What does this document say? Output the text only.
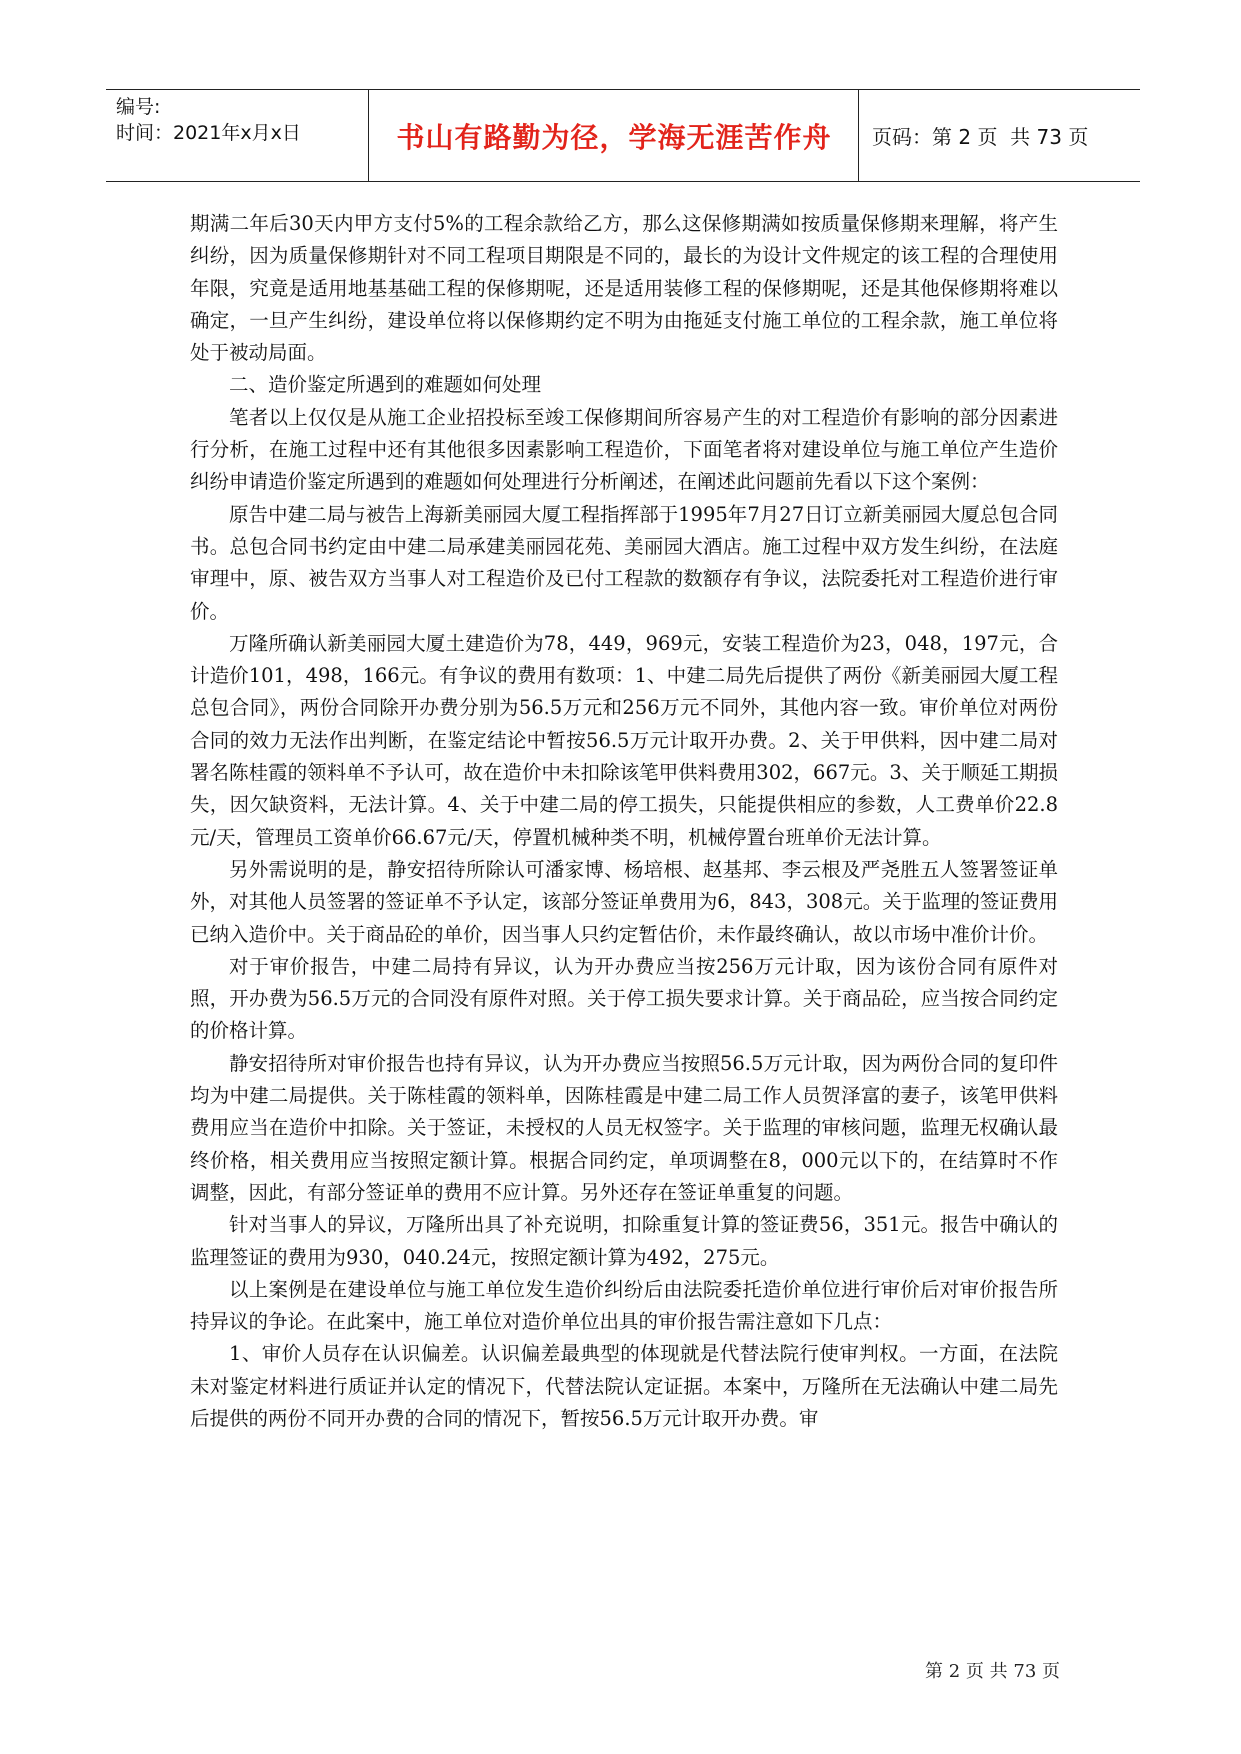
编号:
时间：2021年x月x日	书山有路勤为径，学海无涯苦作舟	页码：第 2 页  共 73 页

期满二年后30天内甲方支付5%的工程余款给乙方，那么这保修期满如按质量保修期来理解，将产生纠纷，因为质量保修期针对不同工程项目期限是不同的，最长的为设计文件规定的该工程的合理使用年限，究竟是适用地基基础工程的保修期呢，还是适用装修工程的保修期呢，还是其他保修期将难以确定，一旦产生纠纷，建设单位将以保修期约定不明为由拖延支付施工单位的工程余款，施工单位将处于被动局面。

二、造价鉴定所遇到的难题如何处理

笔者以上仅仅是从施工企业招投标至竣工保修期间所容易产生的对工程造价有影响的部分因素进行分析，在施工过程中还有其他很多因素影响工程造价，下面笔者将对建设单位与施工单位产生造价纠纷申请造价鉴定所遇到的难题如何处理进行分析阐述，在阐述此问题前先看以下这个案例：

原告中建二局与被告上海新美丽园大厦工程指挥部于1995年7月27日订立新美丽园大厦总包合同书。总包合同书约定由中建二局承建美丽园花苑、美丽园大酒店。施工过程中双方发生纠纷，在法庭审理中，原、被告双方当事人对工程造价及已付工程款的数额存有争议，法院委托对工程造价进行审价。

万隆所确认新美丽园大厦土建造价为78，449，969元，安装工程造价为23，048，197元，合计造价101，498，166元。有争议的费用有数项：1、中建二局先后提供了两份《新美丽园大厦工程总包合同》，两份合同除开办费分别为56.5万元和256万元不同外，其他内容一致。审价单位对两份合同的效力无法作出判断，在鉴定结论中暂按56.5万元计取开办费。2、关于甲供料，因中建二局对署名陈桂霞的领料单不予认可，故在造价中未扣除该笔甲供料费用302，667元。3、关于顺延工期损失，因欠缺资料，无法计算。4、关于中建二局的停工损失，只能提供相应的参数，人工费单价22.8元/天，管理员工资单价66.67元/天，停置机械种类不明，机械停置台班单价无法计算。

另外需说明的是，静安招待所除认可潘家博、杨培根、赵基邦、李云根及严尧胜五人签署签证单外，对其他人员签署的签证单不予认定，该部分签证单费用为6，843，308元。关于监理的签证费用已纳入造价中。关于商品砼的单价，因当事人只约定暂估价，未作最终确认，故以市场中准价计价。

对于审价报告，中建二局持有异议，认为开办费应当按256万元计取，因为该份合同有原件对照，开办费为56.5万元的合同没有原件对照。关于停工损失要求计算。关于商品砼，应当按合同约定的价格计算。

静安招待所对审价报告也持有异议，认为开办费应当按照56.5万元计取，因为两份合同的复印件均为中建二局提供。关于陈桂霞的领料单，因陈桂霞是中建二局工作人员贺泽富的妻子，该笔甲供料费用应当在造价中扣除。关于签证，未授权的人员无权签字。关于监理的审核问题，监理无权确认最终价格，相关费用应当按照定额计算。根据合同约定，单项调整在8，000元以下的，在结算时不作调整，因此，有部分签证单的费用不应计算。另外还存在签证单重复的问题。

针对当事人的异议，万隆所出具了补充说明，扣除重复计算的签证费56，351元。报告中确认的监理签证的费用为930，040.24元，按照定额计算为492，275元。

以上案例是在建设单位与施工单位发生造价纠纷后由法院委托造价单位进行审价后对审价报告所持异议的争论。在此案中，施工单位对造价单位出具的审价报告需注意如下几点：

1、审价人员存在认识偏差。认识偏差最典型的体现就是代替法院行使审判权。一方面，在法院未对鉴定材料进行质证并认定的情况下，代替法院认定证据。本案中，万隆所在无法确认中建二局先后提供的两份不同开办费的合同的情况下，暂按56.5万元计取开办费。审

第 2 页 共 73 页
